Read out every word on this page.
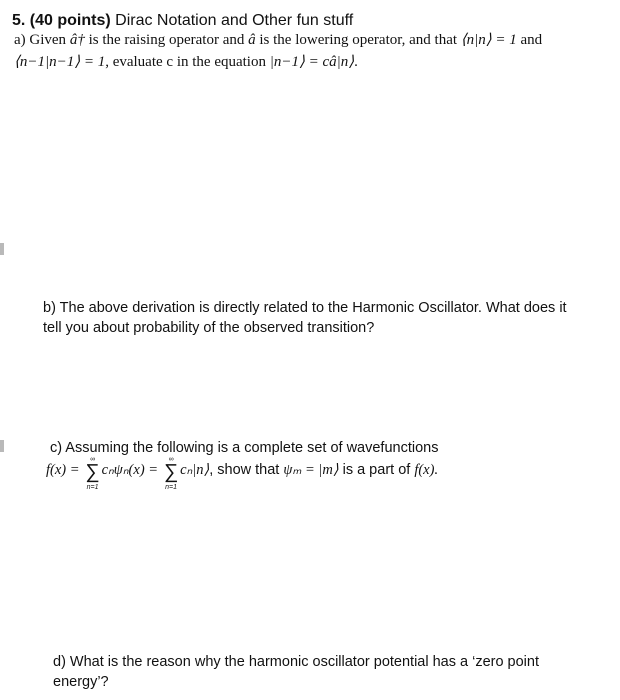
5. (40 points) Dirac Notation and Other fun stuff
a) Given â† is the raising operator and â is the lowering operator, and that ⟨n|n⟩ = 1 and
⟨n−1|n−1⟩ = 1, evaluate c in the equation |n−1⟩ = câ|n⟩.
b) The above derivation is directly related to the Harmonic Oscillator. What does it
tell you about probability of the observed transition?
c) Assuming the following is a complete set of wavefunctions
f(x) =
∞
∑
n=1
cₙψₙ(x) =
∞
∑
n=1
cₙ|n⟩, show that ψₘ = |m⟩ is a part of f(x).
d) What is the reason why the harmonic oscillator potential has a ‘zero point
energy’?
